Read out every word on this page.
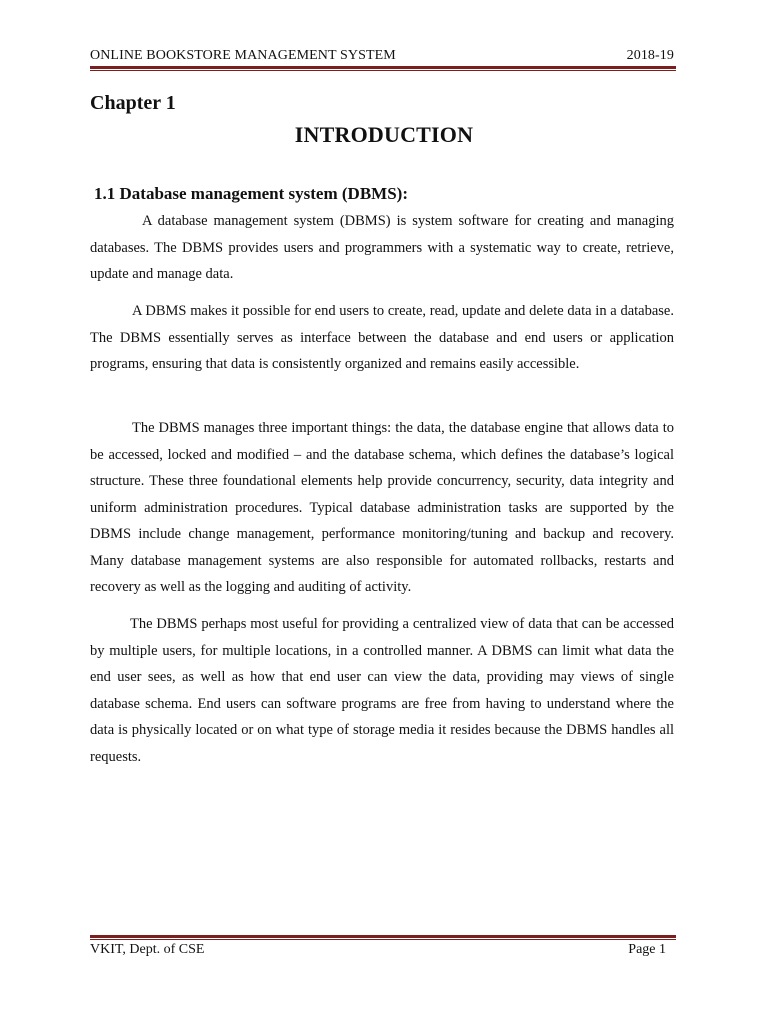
ONLINE BOOKSTORE MANAGEMENT SYSTEM	2018-19
Chapter 1
INTRODUCTION
1.1 Database management system (DBMS):

A database management system (DBMS) is system software for creating and managing databases. The DBMS provides users and programmers with a systematic way to create, retrieve, update and manage data.

A DBMS makes it possible for end users to create, read, update and delete data in a database. The DBMS essentially serves as interface between the database and end users or application programs, ensuring that data is consistently organized and remains easily accessible.

The DBMS manages three important things: the data, the database engine that allows data to be accessed, locked and modified – and the database schema, which defines the database’s logical structure. These three foundational elements help provide concurrency, security, data integrity and uniform administration procedures. Typical database administration tasks are supported by the DBMS include change management, performance monitoring/tuning and backup and recovery. Many database management systems are also responsible for automated rollbacks, restarts and recovery as well as the logging and auditing of activity.

The DBMS perhaps most useful for providing a centralized view of data that can be accessed by multiple users, for multiple locations, in a controlled manner. A DBMS can limit what data the end user sees, as well as how that end user can view the data, providing may views of single database schema. End users can software programs are free from having to understand where the data is physically located or on what type of storage media it resides because the DBMS handles all requests.

VKIT, Dept. of CSE	Page 1
